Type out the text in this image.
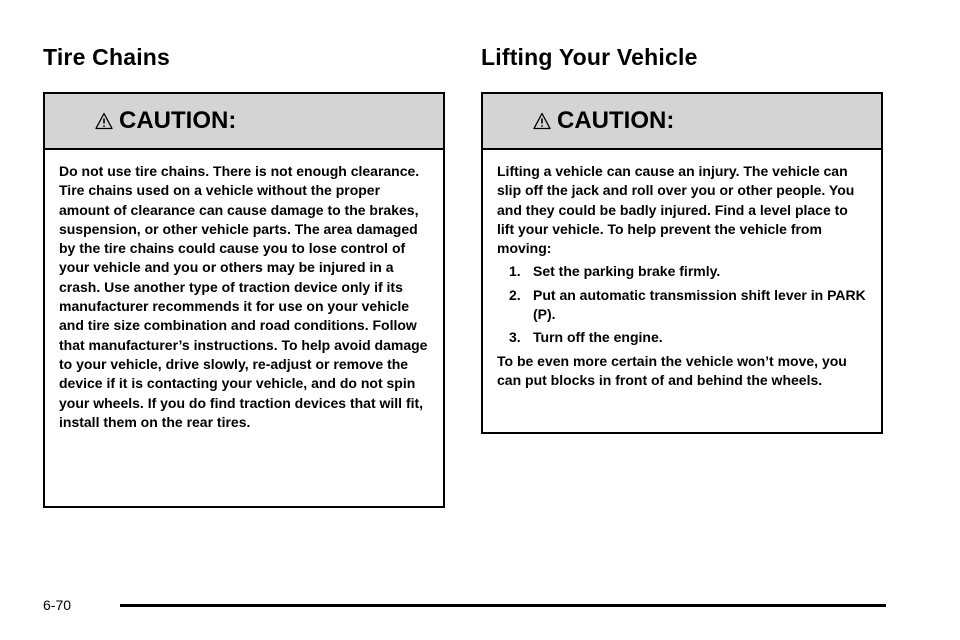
Tire Chains	Lifting Your Vehicle
CAUTION:

Do not use tire chains. There is not enough clearance. Tire chains used on a vehicle without the proper amount of clearance can cause damage to the brakes, suspension, or other vehicle parts. The area damaged by the tire chains could cause you to lose control of your vehicle and you or others may be injured in a crash. Use another type of traction device only if its manufacturer recommends it for use on your vehicle and tire size combination and road conditions. Follow that manufacturer’s instructions. To help avoid damage to your vehicle, drive slowly, re-adjust or remove the device if it is contacting your vehicle, and do not spin your wheels. If you do find traction devices that will fit, install them on the rear tires.

CAUTION:

Lifting a vehicle can cause an injury. The vehicle can slip off the jack and roll over you or other people. You and they could be badly injured. Find a level place to lift your vehicle. To help prevent the vehicle from moving:

1. Set the parking brake firmly.
2. Put an automatic transmission shift lever in PARK (P).
3. Turn off the engine.

To be even more certain the vehicle won’t move, you can put blocks in front of and behind the wheels.

6-70
